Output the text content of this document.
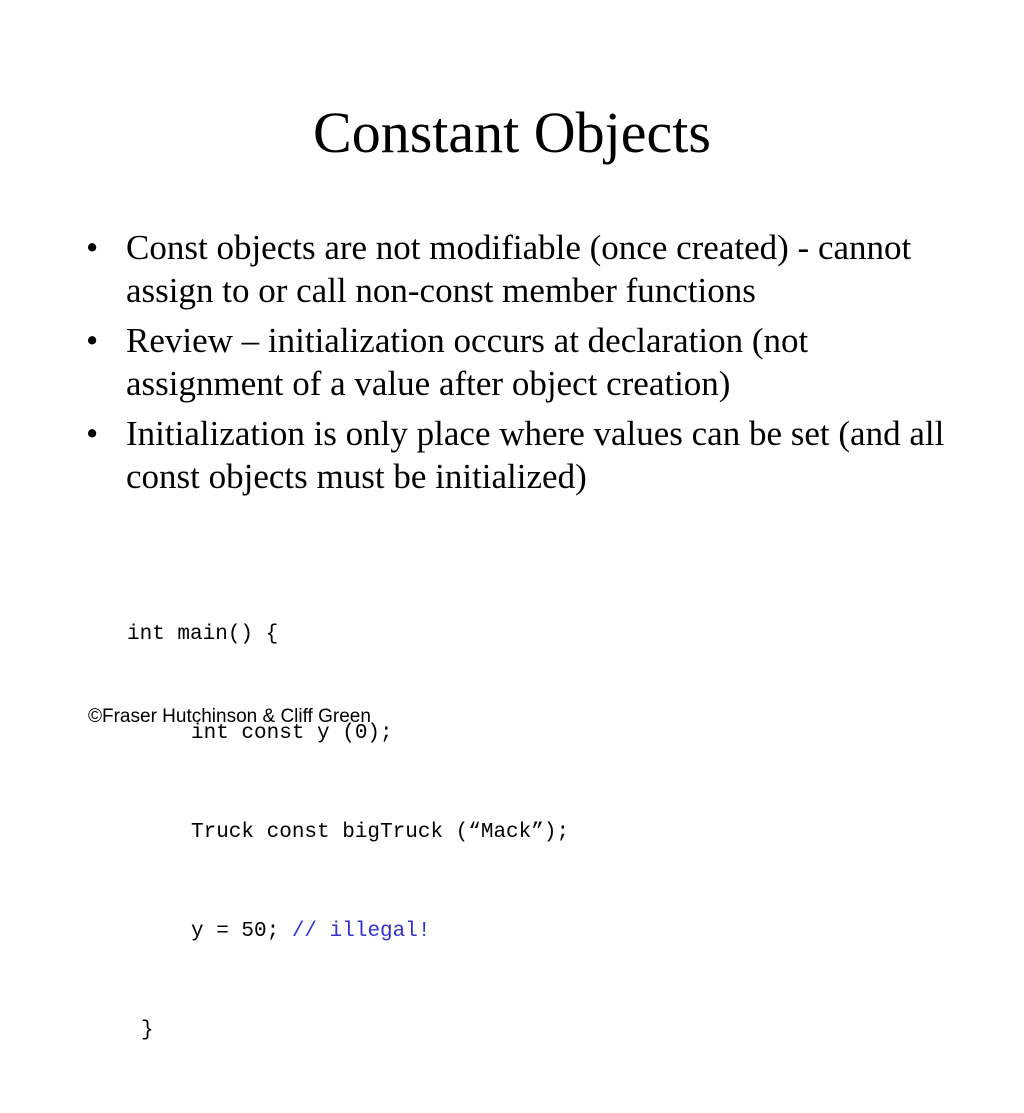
Constant Objects
• Const objects are not modifiable (once created) - cannot assign to or call non-const member functions
• Review – initialization occurs at declaration (not assignment of a value after object creation)
• Initialization is only place where values can be set (and all const objects must be initialized)

int main() {

int const y (0);

Truck const bigTruck (“Mack”);

y = 50; // illegal!

}

©Fraser Hutchinson & Cliff Green
